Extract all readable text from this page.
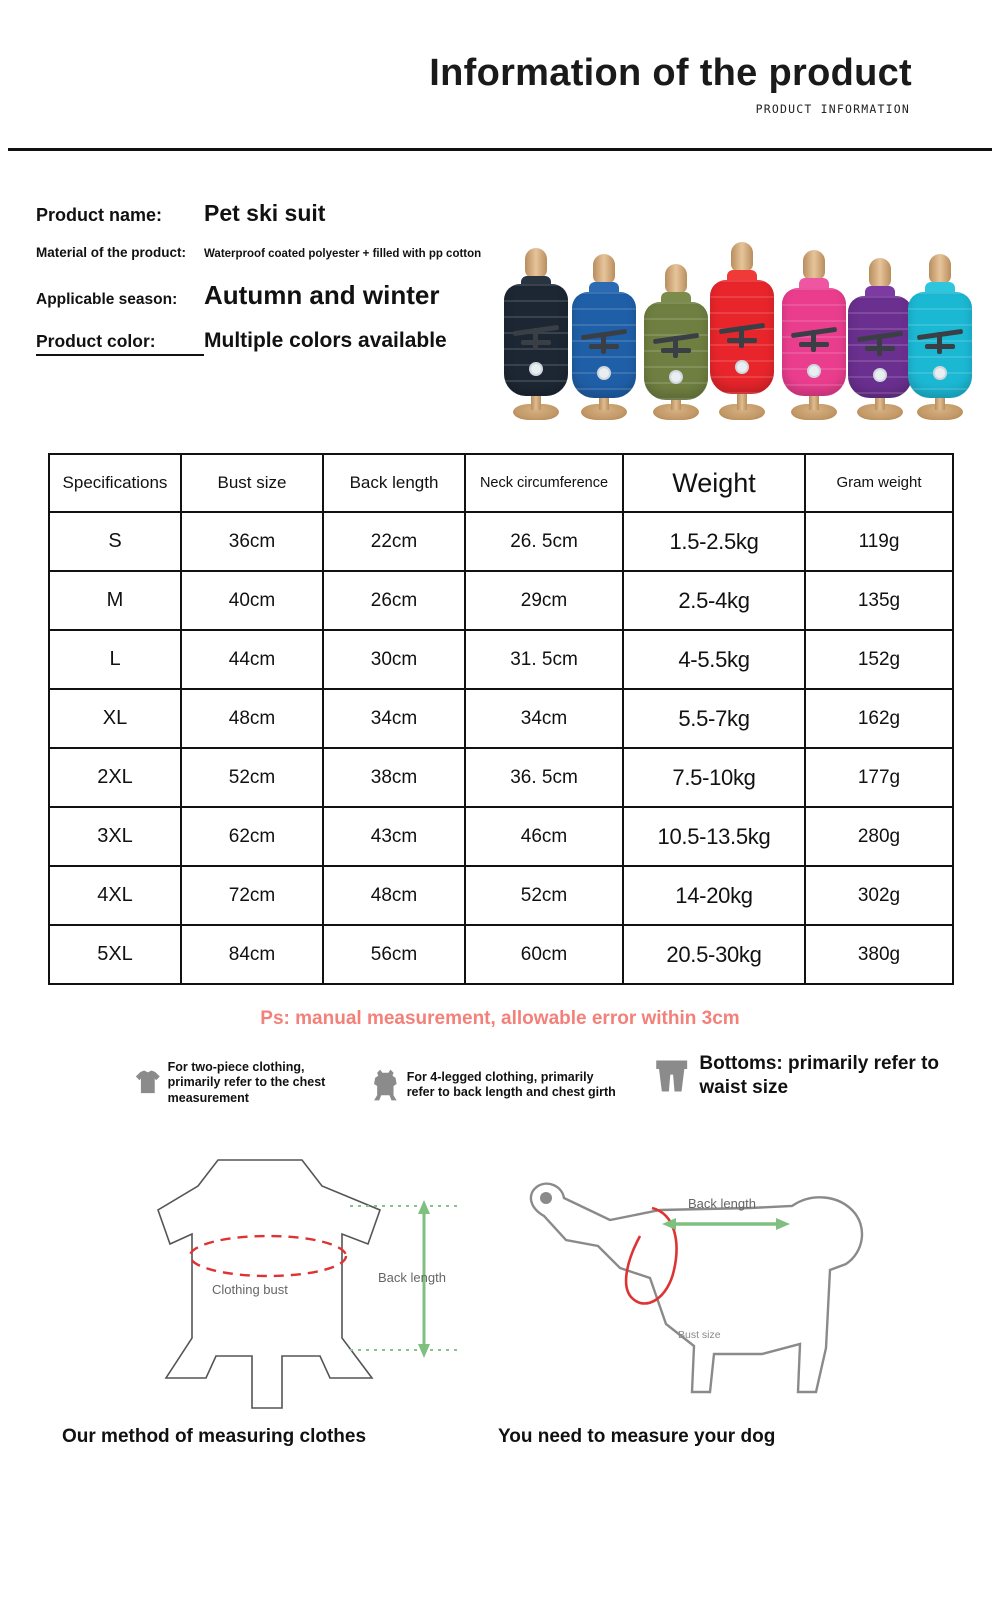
Information of the product
PRODUCT INFORMATION
Product name:	Pet ski suit
Material of the product:	Waterproof coated polyester + filled with pp cotton
Applicable season:	Autumn and winter
Product color:	Multiple colors available
Specifications	Bust size	Back length	Neck circumference	Weight	Gram weight
S	36cm	22cm	26. 5cm	1.5-2.5kg	119g
M	40cm	26cm	29cm	2.5-4kg	135g
L	44cm	30cm	31. 5cm	4-5.5kg	152g
XL	48cm	34cm	34cm	5.5-7kg	162g
2XL	52cm	38cm	36. 5cm	7.5-10kg	177g
3XL	62cm	43cm	46cm	10.5-13.5kg	280g
4XL	72cm	48cm	52cm	14-20kg	302g
5XL	84cm	56cm	60cm	20.5-30kg	380g
Ps: manual measurement, allowable error within 3cm
For two-piece clothing, primarily refer to the chest measurement
For 4-legged clothing, primarily refer to back length and chest girth
Bottoms: primarily refer to waist size
Clothing bust
Back length
Back length
Bust size
Our method of measuring clothes	You need to measure your dog
